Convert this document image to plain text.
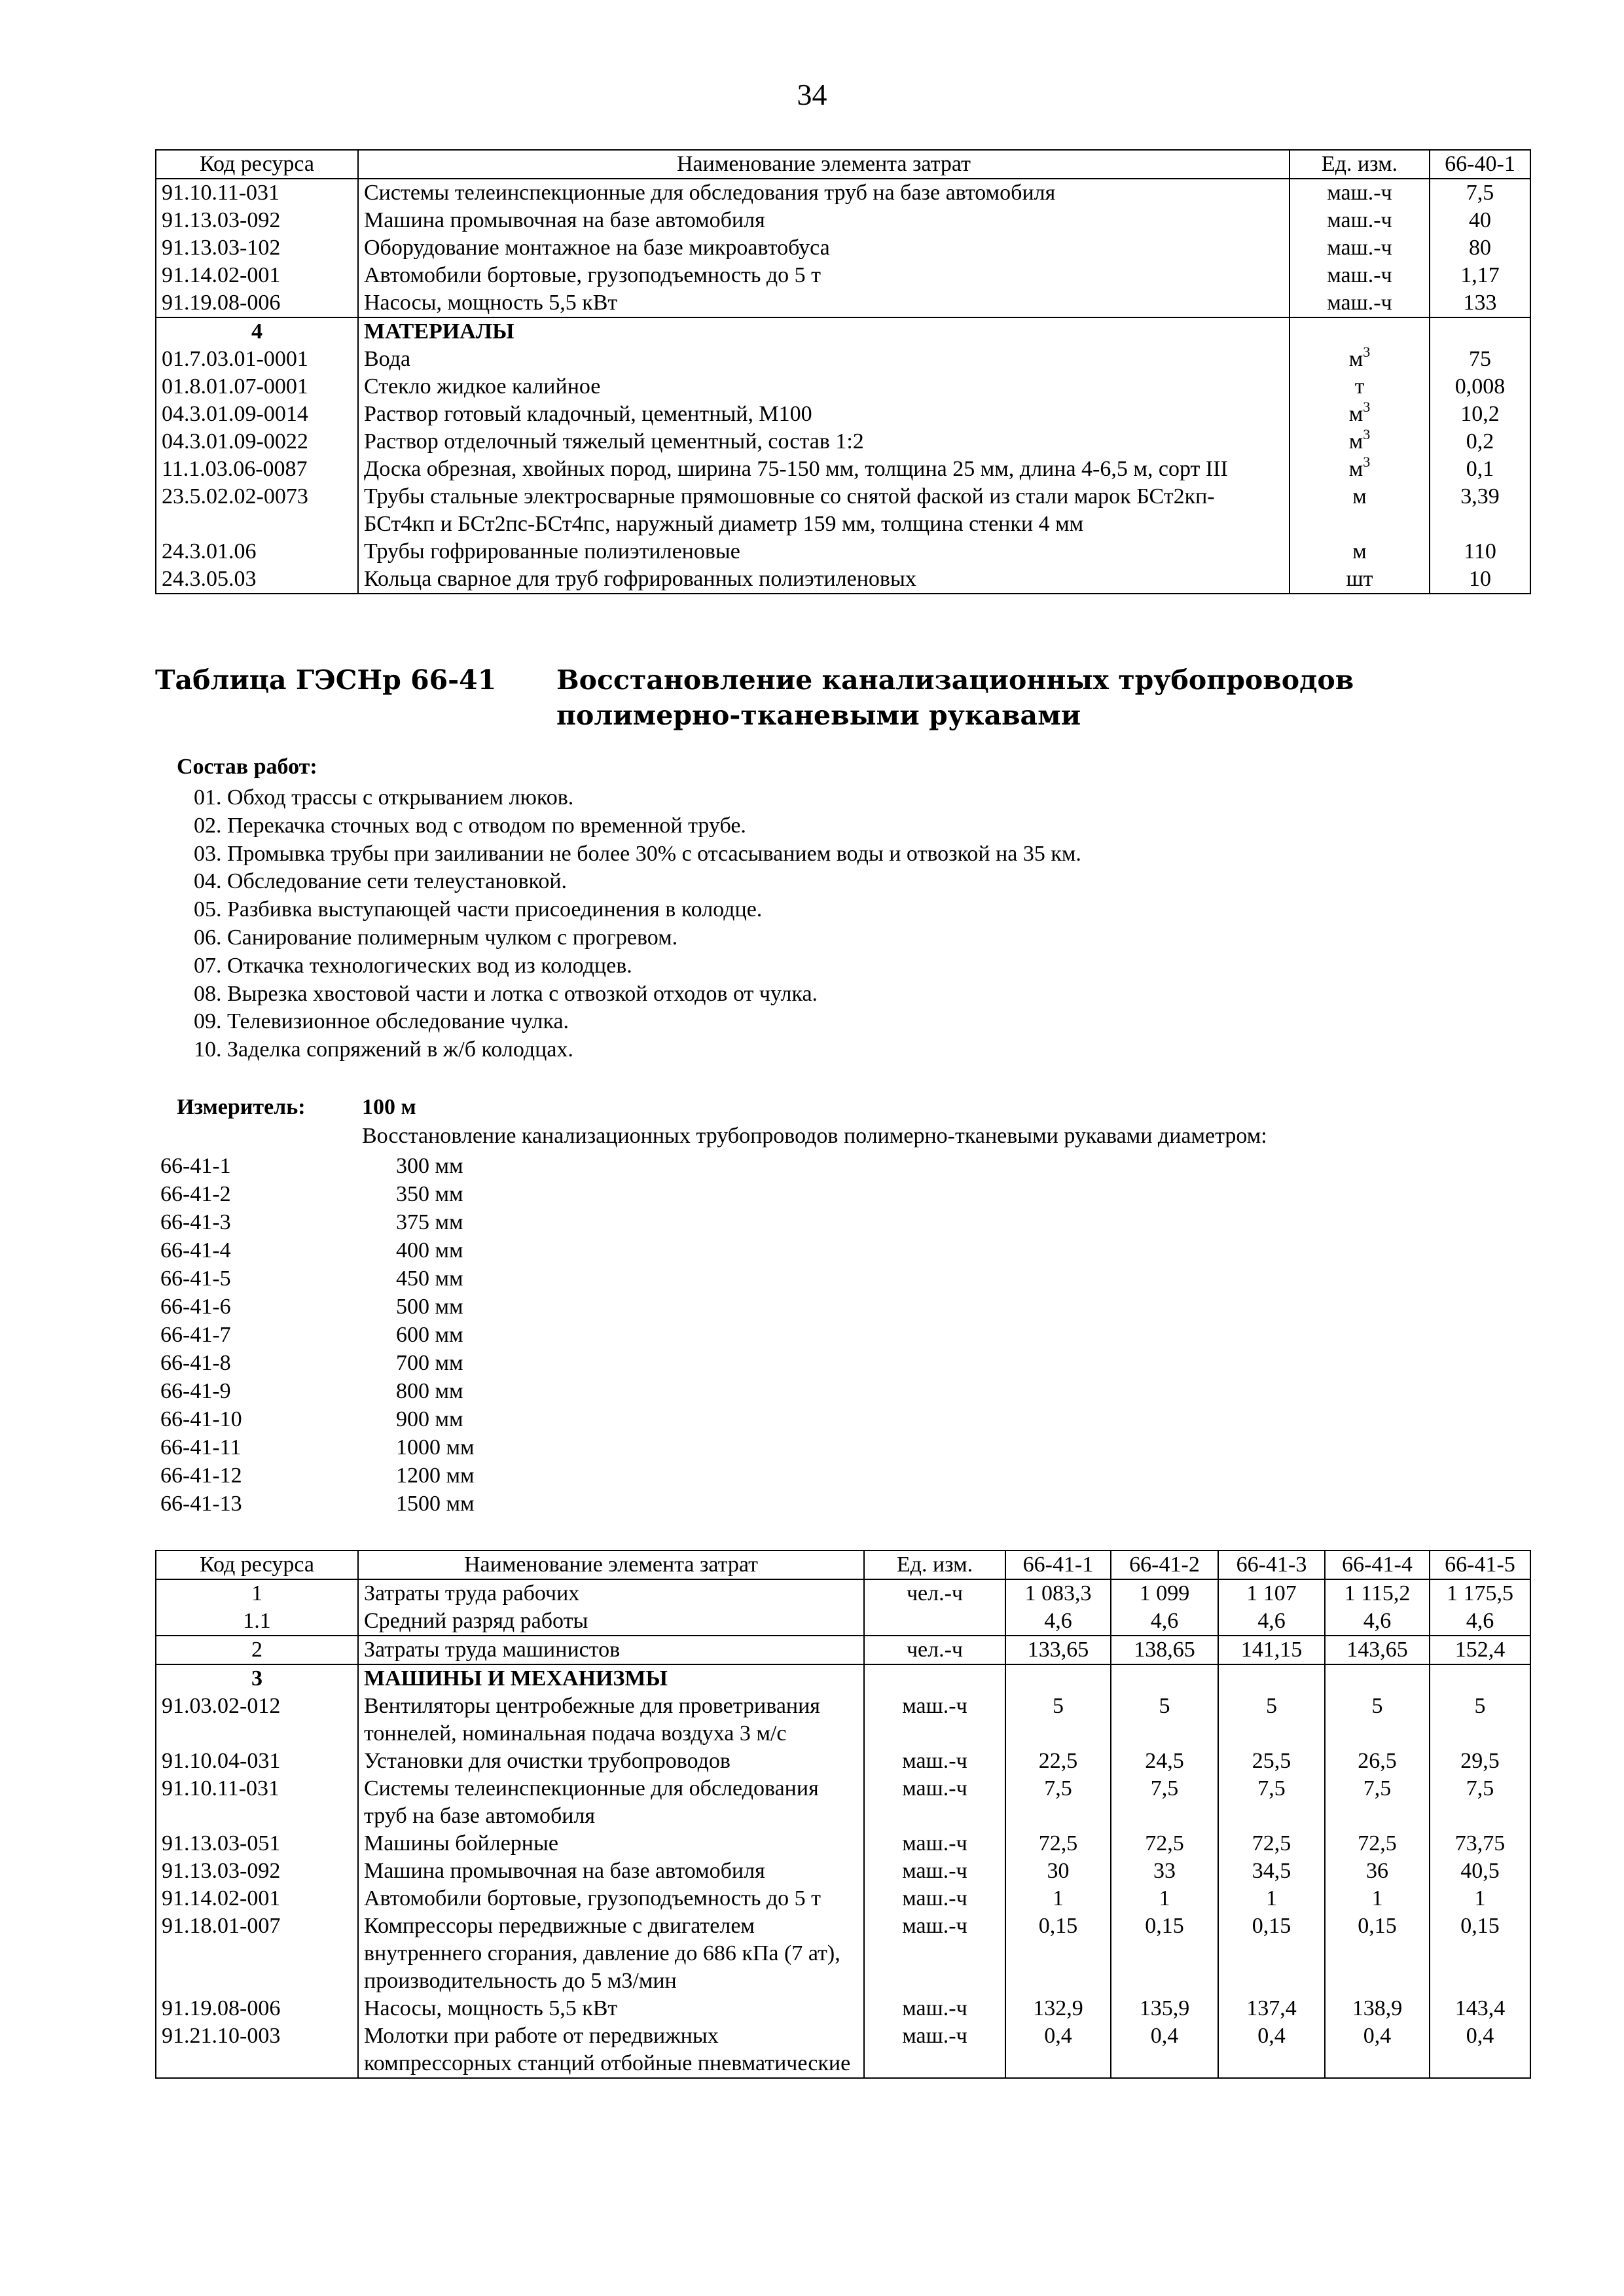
34
Код ресурса	Наименование элемента затрат	Ед. изм.	66-40-1
91.10.11-031	Системы телеинспекционные для обследования труб на базе автомобиля	маш.-ч	7,5
91.13.03-092	Машина промывочная на базе автомобиля	маш.-ч	40
91.13.03-102	Оборудование монтажное на базе микроавтобуса	маш.-ч	80
91.14.02-001	Автомобили бортовые, грузоподъемность до 5 т	маш.-ч	1,17
91.19.08-006	Насосы, мощность 5,5 кВт	маш.-ч	133
4	МАТЕРИАЛЫ		
01.7.03.01-0001	Вода	$м^3$	75
01.8.01.07-0001	Стекло жидкое калийное	т	0,008
04.3.01.09-0014	Раствор готовый кладочный, цементный, М100	$м^3$	10,2
04.3.01.09-0022	Раствор отделочный тяжелый цементный, состав 1:2	$м^3$	0,2
11.1.03.06-0087	Доска обрезная, хвойных пород, ширина 75-150 мм, толщина 25 мм, длина 4-6,5 м, сорт III	$м^3$	0,1
23.5.02.02-0073	Трубы стальные электросварные прямошовные со снятой фаской из стали марок БСт2кп-БСт4кп и БСт2пс-БСт4пс, наружный диаметр 159 мм, толщина стенки 4 мм	м	3,39
24.3.01.06	Трубы гофрированные полиэтиленовые	м	110
24.3.05.03	Кольца сварное для труб гофрированных полиэтиленовых	шт	10
Таблица ГЭСНр 66-41 Восстановление канализационных трубопроводов полимерно-тканевыми рукавами
Состав работ:
01. Обход трассы с открыванием люков.
02. Перекачка сточных вод с отводом по временной трубе.
03. Промывка трубы при заиливании не более 30% с отсасыванием воды и отвозкой на 35 км.
04. Обследование сети телеустановкой.
05. Разбивка выступающей части присоединения в колодце.
06. Санирование полимерным чулком с прогревом.
07. Откачка технологических вод из колодцев.
08. Вырезка хвостовой части и лотка с отвозкой отходов от чулка.
09. Телевизионное обследование чулка.
10. Заделка сопряжений в ж/б колодцах.
Измеритель:	100 м
Восстановление канализационных трубопроводов полимерно-тканевыми рукавами диаметром:
66-41-1	300 мм
66-41-2	350 мм
66-41-3	375 мм
66-41-4	400 мм
66-41-5	450 мм
66-41-6	500 мм
66-41-7	600 мм
66-41-8	700 мм
66-41-9	800 мм
66-41-10	900 мм
66-41-11	1000 мм
66-41-12	1200 мм
66-41-13	1500 мм
Код ресурса	Наименование элемента затрат	Ед. изм.	66-41-1	66-41-2	66-41-3	66-41-4	66-41-5
1	Затраты труда рабочих	чел.-ч	1 083,3	1 099	1 107	1 115,2	1 175,5
1.1	Средний разряд работы		4,6	4,6	4,6	4,6	4,6
2	Затраты труда машинистов	чел.-ч	133,65	138,65	141,15	143,65	152,4
3	МАШИНЫ И МЕХАНИЗМЫ						
91.03.02-012	Вентиляторы центробежные для проветривания тоннелей, номинальная подача воздуха 3 м/с	маш.-ч	5	5	5	5	5
91.10.04-031	Установки для очистки трубопроводов	маш.-ч	22,5	24,5	25,5	26,5	29,5
91.10.11-031	Системы телеинспекционные для обследования труб на базе автомобиля	маш.-ч	7,5	7,5	7,5	7,5	7,5
91.13.03-051	Машины бойлерные	маш.-ч	72,5	72,5	72,5	72,5	73,75
91.13.03-092	Машина промывочная на базе автомобиля	маш.-ч	30	33	34,5	36	40,5
91.14.02-001	Автомобили бортовые, грузоподъемность до 5 т	маш.-ч	1	1	1	1	1
91.18.01-007	Компрессоры передвижные с двигателем внутреннего сгорания, давление до 686 кПа (7 ат), производительность до 5 м3/мин	маш.-ч	0,15	0,15	0,15	0,15	0,15
91.19.08-006	Насосы, мощность 5,5 кВт	маш.-ч	132,9	135,9	137,4	138,9	143,4
91.21.10-003	Молотки при работе от передвижных компрессорных станций отбойные пневматические	маш.-ч	0,4	0,4	0,4	0,4	0,4
